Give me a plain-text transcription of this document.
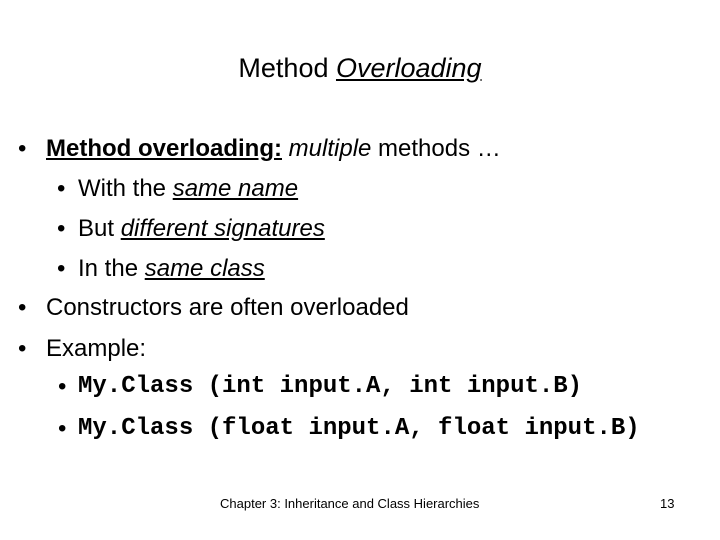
Method Overloading
• Method overloading: multiple methods …
• With the same name
• But different signatures
• In the same class
• Constructors are often overloaded
• Example:
• My.Class (int input.A, int input.B)
• My.Class (float input.A, float input.B)
Chapter 3: Inheritance and Class Hierarchies	13
